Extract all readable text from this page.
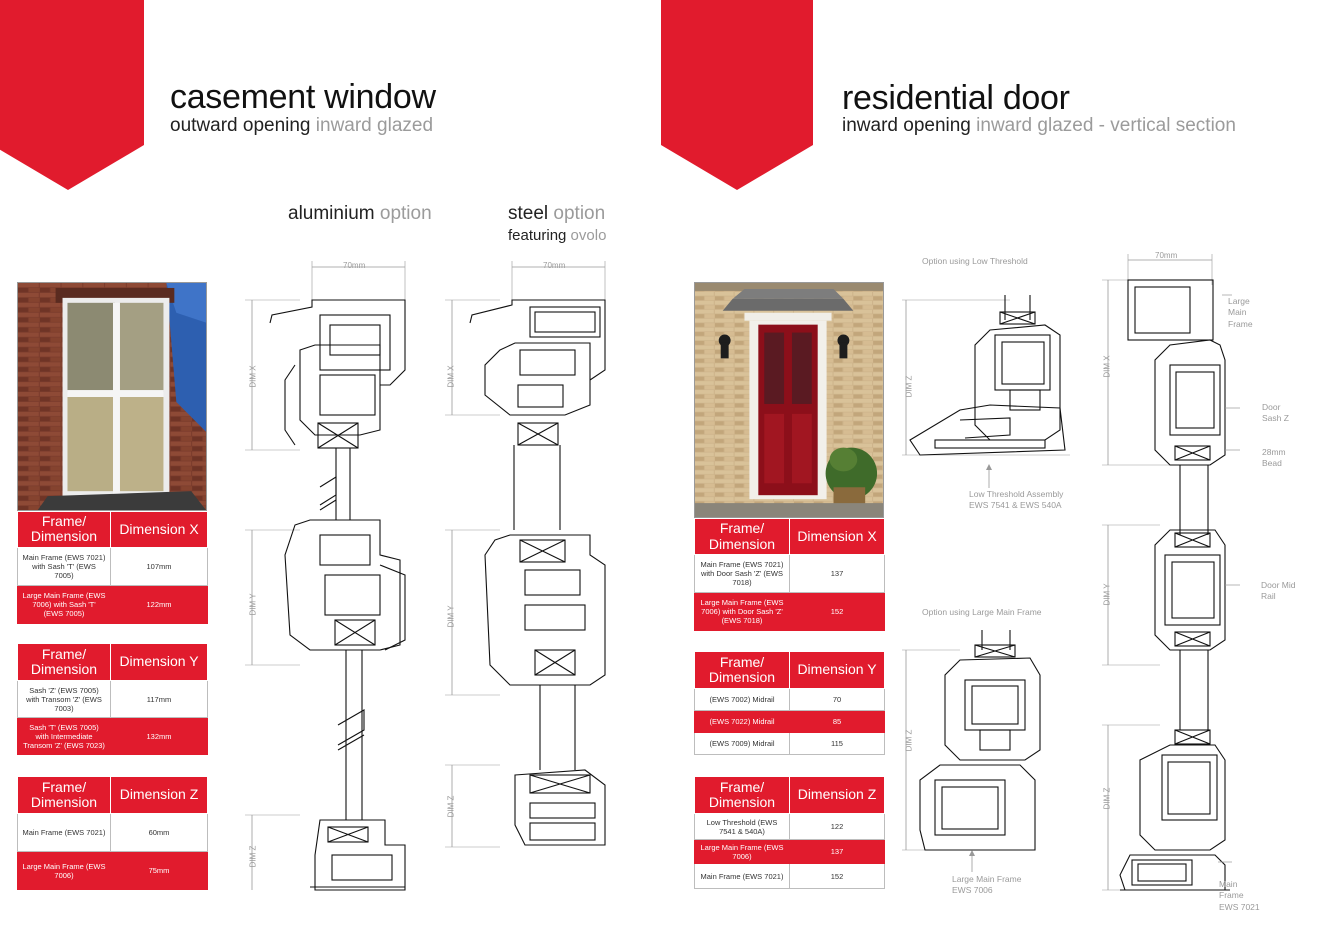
casement window
outward opening inward glazed
aluminium option	steel option
featuring ovolo
Frame/ Dimension	Dimension X
Main Frame (EWS 7021) with Sash 'T' (EWS 7005)	107mm
Large Main Frame (EWS 7006) with Sash 'T' (EWS 7005)	122mm
Frame/ Dimension	Dimension Y
Sash 'Z' (EWS 7005) with Transom 'Z' (EWS 7003)	117mm
Sash 'T' (EWS 7005) with Intermediate Transom 'Z' (EWS 7023)	132mm
Frame/ Dimension	Dimension Z
Main Frame (EWS 7021)	60mm
Large Main Frame (EWS 7006)	75mm
70mm
DIM X
DIM Y
DIM Z
70mm
DIM X
DIM Y
DIM Z
residential door
inward opening inward glazed - vertical section
Frame/ Dimension	Dimension X
Main Frame (EWS 7021) with Door Sash 'Z' (EWS 7018)	137
Large Main Frame (EWS 7006) with Door Sash 'Z' (EWS 7018)	152
Frame/ Dimension	Dimension Y
(EWS 7002) Midrail	70
(EWS 7022) Midrail	85
(EWS 7009) Midrail	115
Frame/ Dimension	Dimension Z
Low Threshold (EWS 7541 & 540A)	122
Large Main Frame (EWS 7006)	137
Main Frame (EWS 7021)	152
Option using Low Threshold
DIM Z
Low Threshold Assembly
EWS 7541 & EWS 540A
Option using Large Main Frame
DIM Z
Large Main Frame
EWS 7006
70mm
DIM X
DIM Y
DIM Z
Large Main Frame
Door Sash Z
28mm Bead
Door Mid Rail
Main Frame
EWS 7021
